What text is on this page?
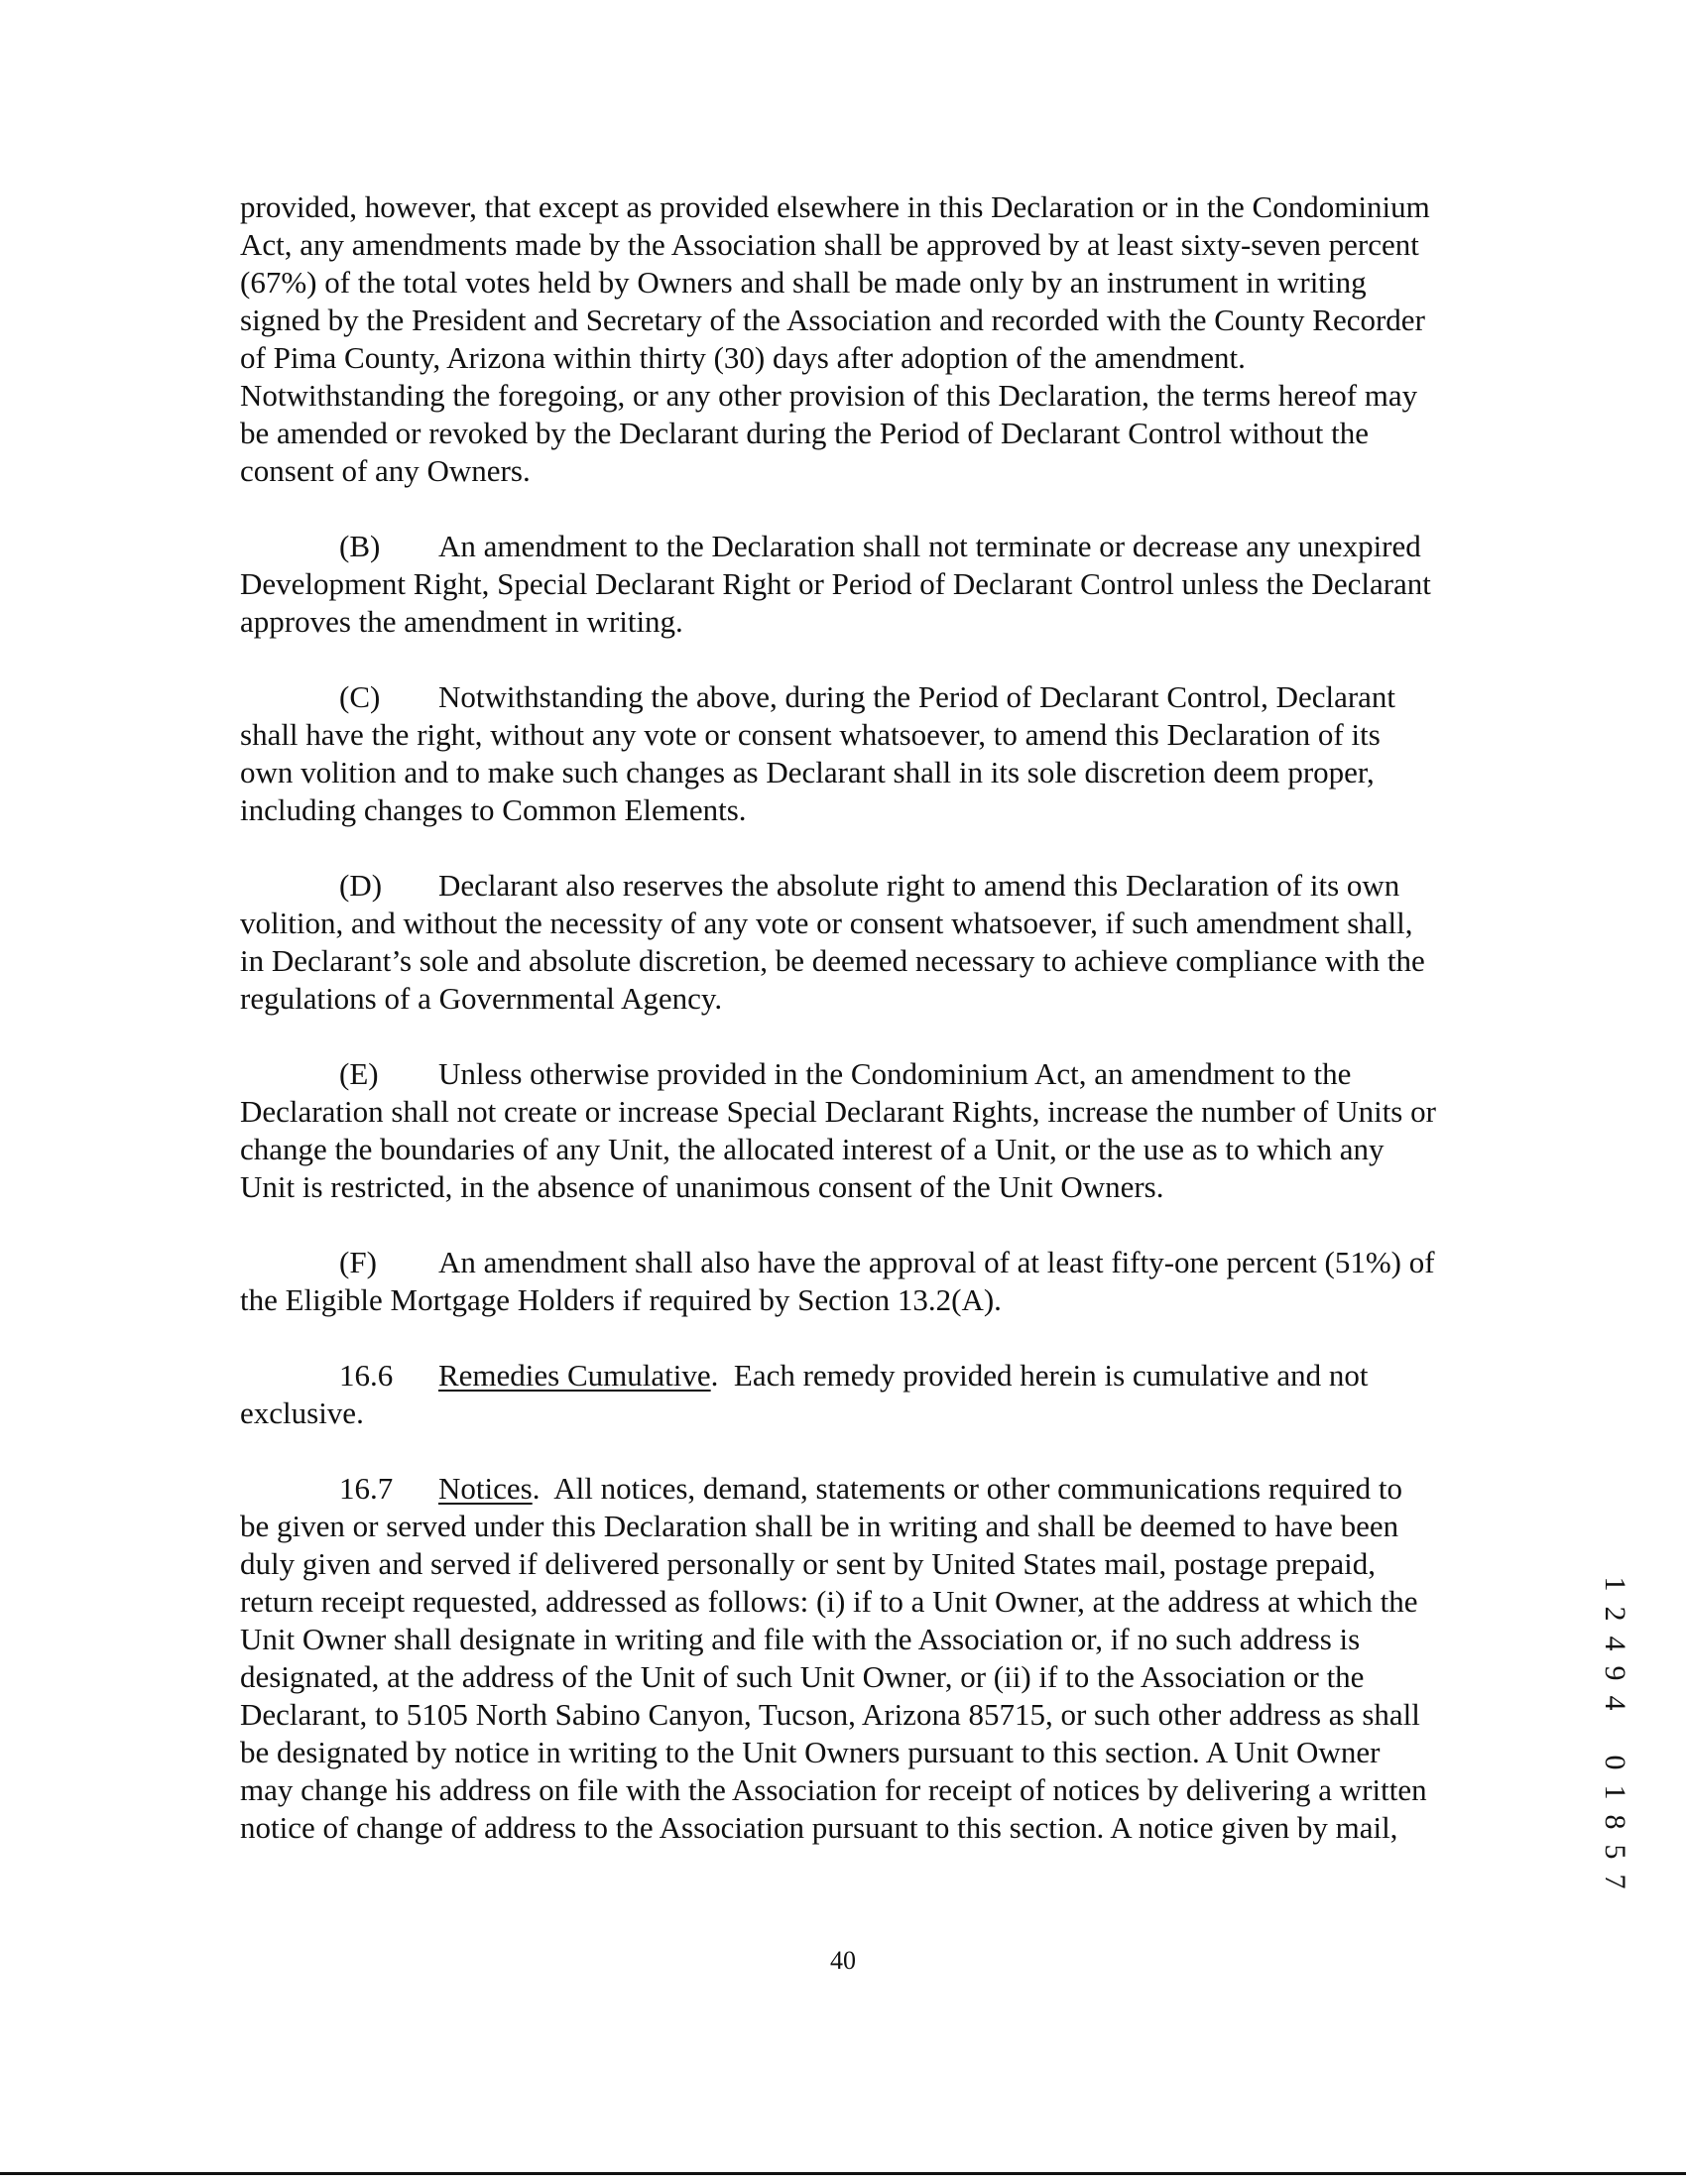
provided, however, that except as provided elsewhere in this Declaration or in the Condominium Act, any amendments made by the Association shall be approved by at least sixty-seven percent (67%) of the total votes held by Owners and shall be made only by an instrument in writing signed by the President and Secretary of the Association and recorded with the County Recorder of Pima County, Arizona within thirty (30) days after adoption of the amendment. Notwithstanding the foregoing, or any other provision of this Declaration, the terms hereof may be amended or revoked by the Declarant during the Period of Declarant Control without the consent of any Owners.

(B) An amendment to the Declaration shall not terminate or decrease any unexpired Development Right, Special Declarant Right or Period of Declarant Control unless the Declarant approves the amendment in writing.

(C) Notwithstanding the above, during the Period of Declarant Control, Declarant shall have the right, without any vote or consent whatsoever, to amend this Declaration of its own volition and to make such changes as Declarant shall in its sole discretion deem proper, including changes to Common Elements.

(D) Declarant also reserves the absolute right to amend this Declaration of its own volition, and without the necessity of any vote or consent whatsoever, if such amendment shall, in Declarant’s sole and absolute discretion, be deemed necessary to achieve compliance with the regulations of a Governmental Agency.

(E) Unless otherwise provided in the Condominium Act, an amendment to the Declaration shall not create or increase Special Declarant Rights, increase the number of Units or change the boundaries of any Unit, the allocated interest of a Unit, or the use as to which any Unit is restricted, in the absence of unanimous consent of the Unit Owners.

(F) An amendment shall also have the approval of at least fifty-one percent (51%) of the Eligible Mortgage Holders if required by Section 13.2(A).

16.6 Remedies Cumulative.  Each remedy provided herein is cumulative and not exclusive.

16.7 Notices.  All notices, demand, statements or other communications required to be given or served under this Declaration shall be in writing and shall be deemed to have been duly given and served if delivered personally or sent by United States mail, postage prepaid, return receipt requested, addressed as follows: (i) if to a Unit Owner, at the address at which the Unit Owner shall designate in writing and file with the Association or, if no such address is designated, at the address of the Unit of such Unit Owner, or (ii) if to the Association or the Declarant, to 5105 North Sabino Canyon, Tucson, Arizona 85715, or such other address as shall be designated by notice in writing to the Unit Owners pursuant to this section. A Unit Owner may change his address on file with the Association for receipt of notices by delivering a written notice of change of address to the Association pursuant to this section. A notice given by mail,

40
1
2
4
9
4

0
1
8
5
7
